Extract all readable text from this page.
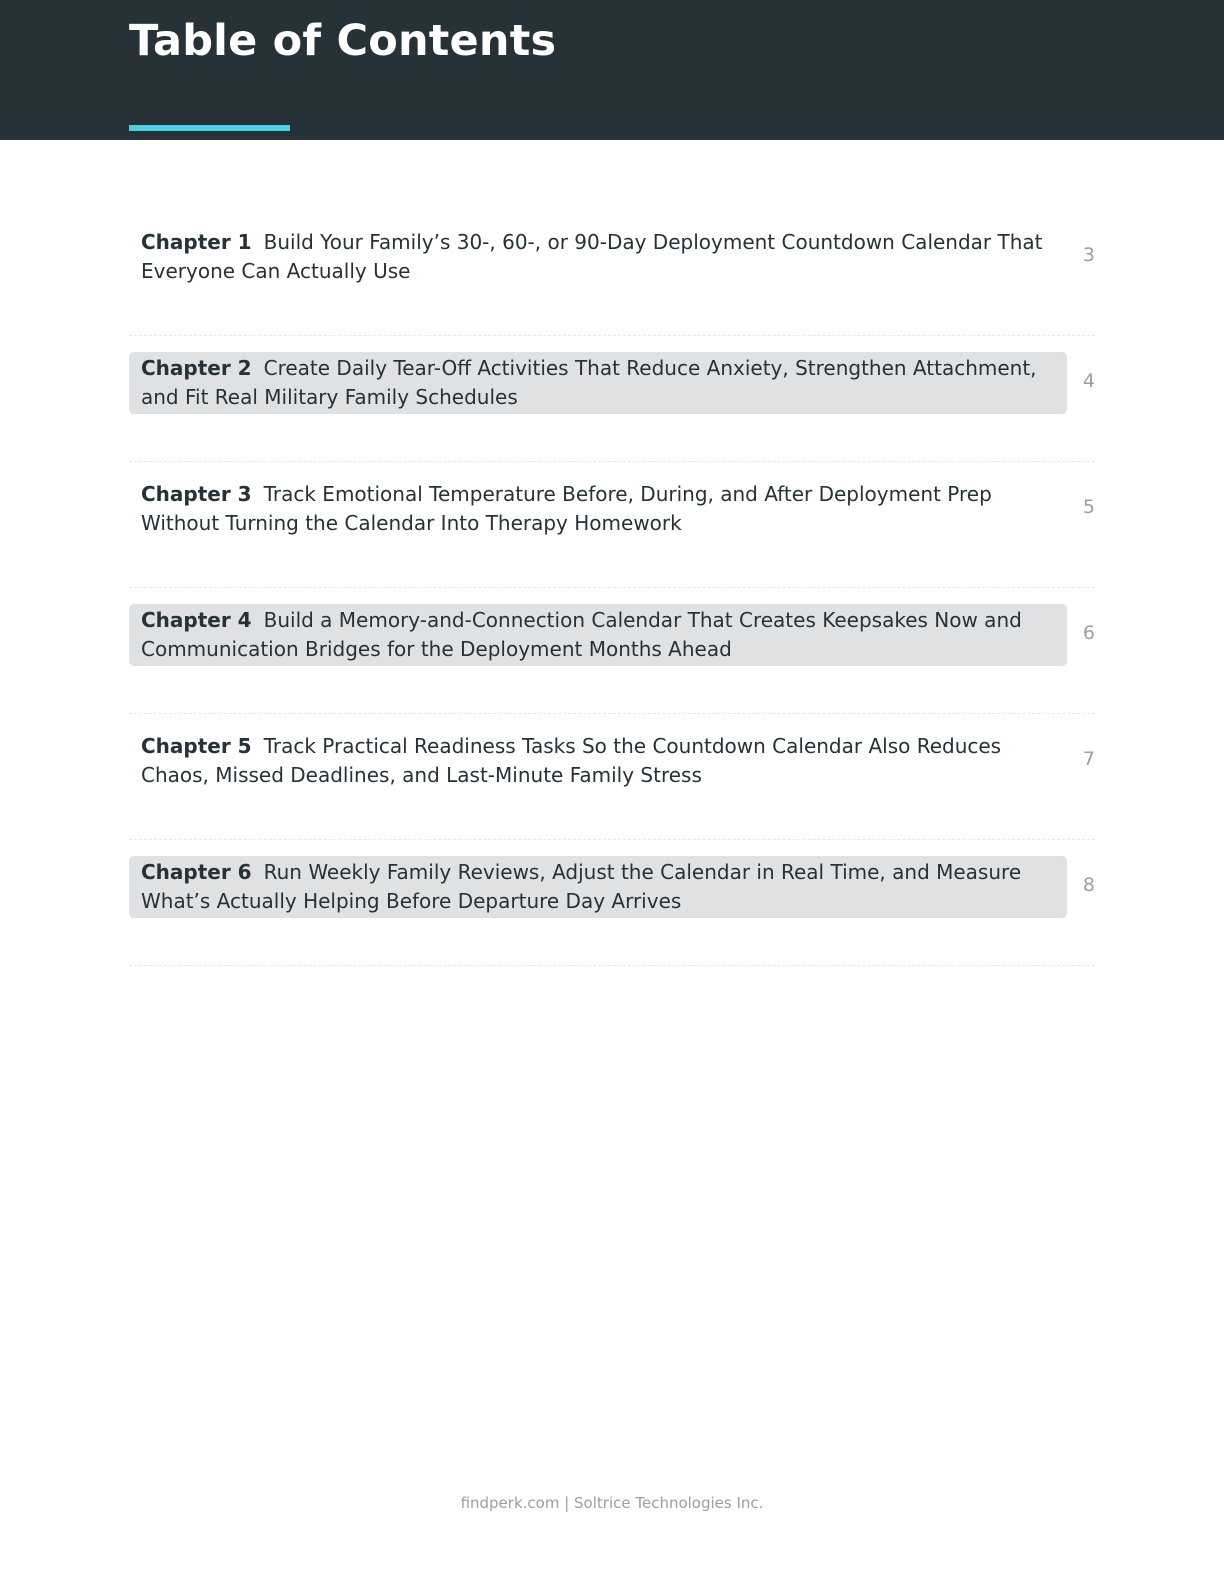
Table of Contents
Chapter 1 Build Your Family’s 30-, 60-, or 90-Day Deployment Countdown Calendar That Everyone Can Actually Use
3
Chapter 2 Create Daily Tear-Off Activities That Reduce Anxiety, Strengthen Attachment, and Fit Real Military Family Schedules
4
Chapter 3 Track Emotional Temperature Before, During, and After Deployment Prep Without Turning the Calendar Into Therapy Homework
5
Chapter 4 Build a Memory-and-Connection Calendar That Creates Keepsakes Now and Communication Bridges for the Deployment Months Ahead
6
Chapter 5 Track Practical Readiness Tasks So the Countdown Calendar Also Reduces Chaos, Missed Deadlines, and Last-Minute Family Stress
7
Chapter 6 Run Weekly Family Reviews, Adjust the Calendar in Real Time, and Measure What’s Actually Helping Before Departure Day Arrives
8
findperk.com | Soltrice Technologies Inc.
